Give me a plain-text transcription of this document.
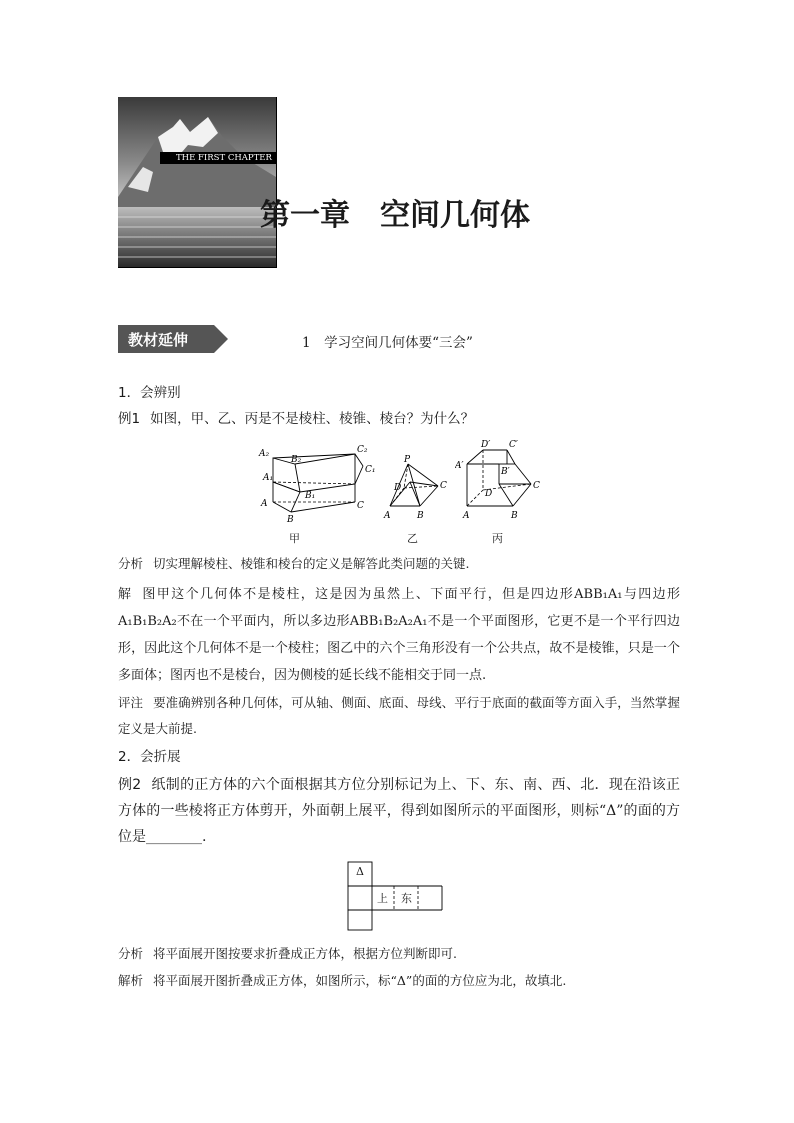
THE FIRST CHAPTER
第一章　空间几何体
教材延伸	1　学习空间几何体要“三会”
1．会辨别
例1 如图，甲、乙、丙是不是棱柱、棱锥、棱台？为什么？
A₂
B₂
C₂
A₁
B₁
C₁
A
B
C
甲
P
D	C
A	B
乙
D′ C′
A′
B′
D
C
A	B
丙
分析 切实理解棱柱、棱锥和棱台的定义是解答此类问题的关键.
解 图甲这个几何体不是棱柱，这是因为虽然上、下面平行，但是四边形ABB₁A₁与四边形A₁B₁B₂A₂不在一个平面内，所以多边形ABB₁B₂A₂A₁不是一个平面图形，它更不是一个平行四边形，因此这个几何体不是一个棱柱；图乙中的六个三角形没有一个公共点，故不是棱锥，只是一个多面体；图丙也不是棱台，因为侧棱的延长线不能相交于同一点.
评注 要准确辨别各种几何体，可从轴、侧面、底面、母线、平行于底面的截面等方面入手，当然掌握定义是大前提.
2．会折展
例2 纸制的正方体的六个面根据其方位分别标记为上、下、东、南、西、北．现在沿该正方体的一些棱将正方体剪开，外面朝上展平，得到如图所示的平面图形，则标“Δ”的面的方位是________.
Δ
上 东
分析 将平面展开图按要求折叠成正方体，根据方位判断即可.
解析 将平面展开图折叠成正方体，如图所示，标“Δ”的面的方位应为北，故填北.
